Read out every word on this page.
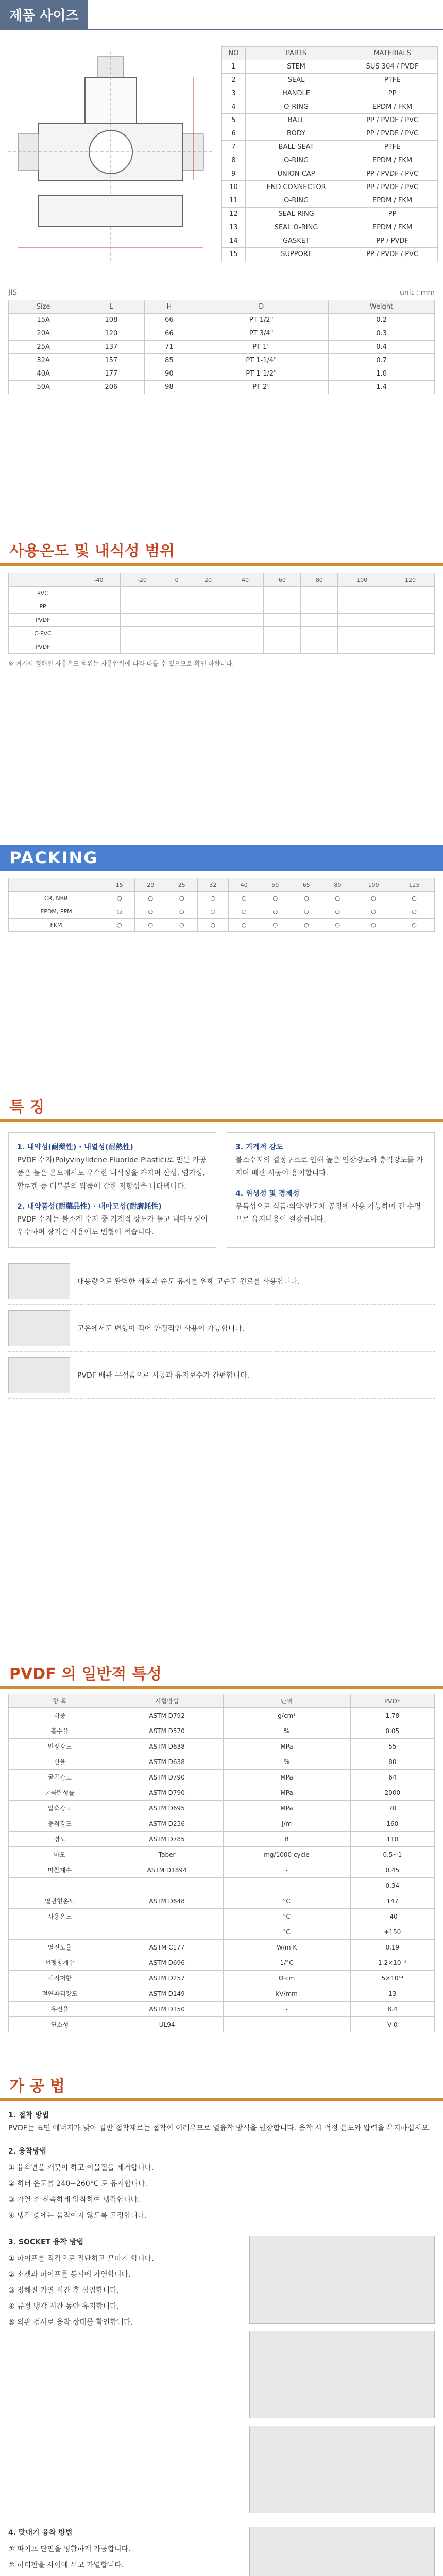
제품 사이즈
NO	PARTS	MATERIALS
1	STEM	SUS 304 / PVDF
2	SEAL	PTFE
3	HANDLE	PP
4	O-RING	EPDM / FKM
5	BALL	PP / PVDF / PVC
6	BODY	PP / PVDF / PVC
7	BALL SEAT	PTFE
8	O-RING	EPDM / FKM
9	UNION CAP	PP / PVDF / PVC
10	END CONNECTOR	PP / PVDF / PVC
11	O-RING	EPDM / FKM
12	SEAL RING	PP
13	SEAL O-RING	EPDM / FKM
14	GASKET	PP / PVDF
15	SUPPORT	PP / PVDF / PVC
JIS	unit : mm
Size	L	H	D	Weight
15A	108	66	PT 1/2"	0.2
20A	120	66	PT 3/4"	0.3
25A	137	71	PT 1"	0.4
32A	157	85	PT 1-1/4"	0.7
40A	177	90	PT 1-1/2"	1.0
50A	206	98	PT 2"	1.4
사용온도 및 내식성 범위
	-40	-20	0	20	40	60	80	100	120
PVC									
PP									
PVDF									
C-PVC									
PVDF									
※ 여기서 정해진 사용온도 범위는 사용압력에 따라 다를 수 있으므로 확인 바랍니다.
PACKING
	15	20	25	32	40	50	65	80	100	125
CR, NBR	○	○	○	○	○	○	○	○	○	○
EPDM, PPM	○	○	○	○	○	○	○	○	○	○
FKM	○	○	○	○	○	○	○	○	○	○
특 징
1. 내약성(耐藥性) · 내열성(耐熱性)

PVDF 수지(Polyvinylidene Fluoride Plastic)로 만든 가공품은 높은 온도에서도 우수한 내식성을 가지며 산성, 염기성, 할로겐 등 대부분의 약품에 강한 저항성을 나타냅니다.

2. 내약품성(耐藥品性) · 내마모성(耐磨耗性)

PVDF 수지는 불소계 수지 중 기계적 강도가 높고 내마모성이 우수하며 장기간 사용에도 변형이 적습니다.

3. 기계적 강도

불소수지의 결정구조로 인해 높은 인장강도와 충격강도를 가지며 배관 시공이 용이합니다.

4. 위생성 및 경제성

무독성으로 식품·의약·반도체 공정에 사용 가능하며 긴 수명으로 유지비용이 절감됩니다.

대용량으로 완벽한 세척과 순도 유지를 위해 고순도 원료를 사용합니다.
고온에서도 변형이 적어 안정적인 사용이 가능합니다.
PVDF 배관 구성품으로 시공과 유지보수가 간편합니다.
PVDF 의 일반적 특성
항 목	시험방법	단위	PVDF
비중	ASTM D792	g/cm³	1.78
흡수율	ASTM D570	%	0.05
인장강도	ASTM D638	MPa	55
신율	ASTM D638	%	80
굴곡강도	ASTM D790	MPa	64
굴곡탄성률	ASTM D790	MPa	2000
압축강도	ASTM D695	MPa	70
충격강도	ASTM D256	J/m	160
경도	ASTM D785	R	110
마모	Taber	mg/1000 cycle	0.5~1
마찰계수	ASTM D1894	-	0.45
		-	0.34
열변형온도	ASTM D648	°C	147
사용온도	-	°C	-40
		°C	+150
열전도율	ASTM C177	W/m·K	0.19
선팽창계수	ASTM D696	1/°C	1.2×10⁻⁴
체적저항	ASTM D257	Ω·cm	5×10¹⁴
절연파괴강도	ASTM D149	kV/mm	13
유전율	ASTM D150	-	8.4
연소성	UL94	-	V-0
가 공 법
1. 접착 방법

PVDF는 표면 에너지가 낮아 일반 접착제로는 접착이 어려우므로 열융착 방식을 권장합니다. 융착 시 적정 온도와 압력을 유지하십시오.

2. 융착방법
① 융착면을 깨끗이 하고 이물질을 제거합니다.
② 히터 온도를 240~260°C 로 유지합니다.
③ 가열 후 신속하게 압착하여 냉각합니다.
④ 냉각 중에는 움직이지 않도록 고정합니다.
3. SOCKET 융착 방법
① 파이프를 직각으로 절단하고 모따기 합니다.
② 소켓과 파이프를 동시에 가열합니다.
③ 정해진 가열 시간 후 삽입합니다.
④ 규정 냉각 시간 동안 유지합니다.
⑤ 외관 검사로 융착 상태를 확인합니다.
4. 맞대기 융착 방법
① 파이프 단면을 평활하게 가공합니다.
② 히터판을 사이에 두고 가열합니다.
